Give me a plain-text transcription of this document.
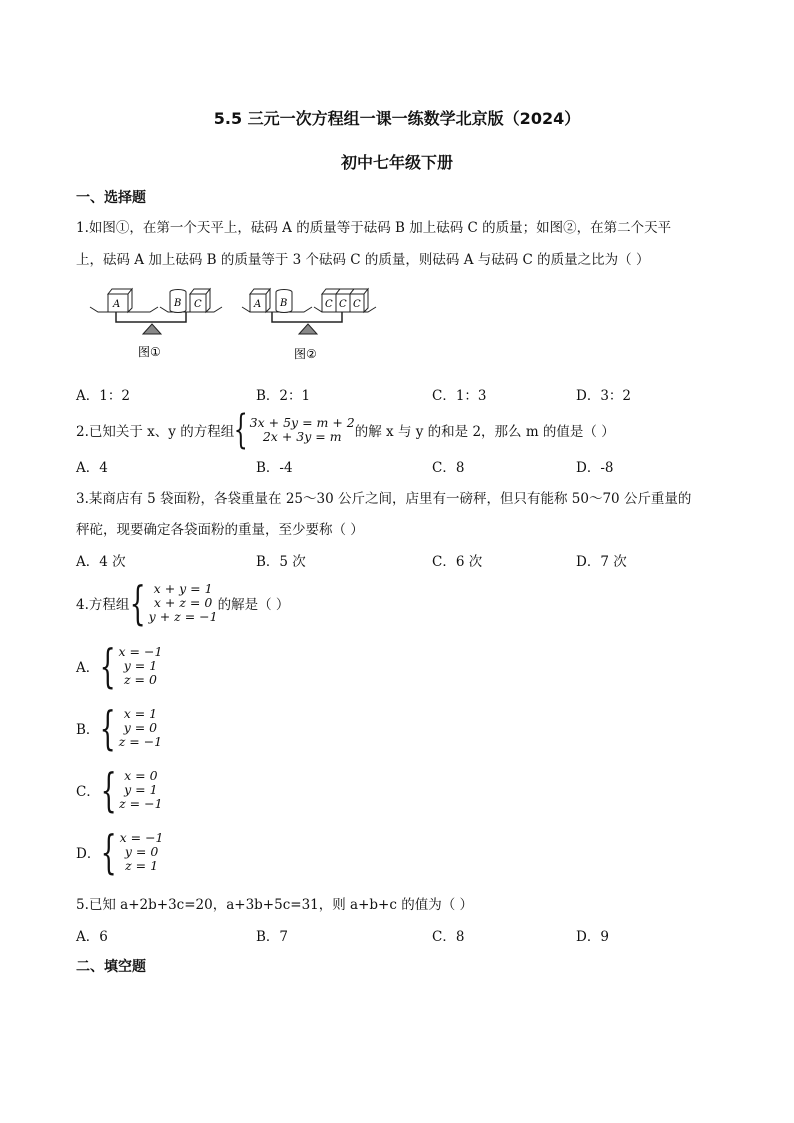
5.5 三元一次方程组一课一练数学北京版（2024）
初中七年级下册
一、选择题
1.如图①，在第一个天平上，砝码 A 的质量等于砝码 B 加上砝码 C 的质量；如图②，在第二个天平
上，砝码 A 加上砝码 B 的质量等于 3 个砝码 C 的质量，则砝码 A 与砝码 C 的质量之比为（ ）
A	B C
图①
A B	C C C
图②
A．1：2	B．2：1	C．1：3	D．3：2
2.已知关于 x、y 的方程组 { 3x + 5y = m + 2
2x + 3y = m 的解 x 与 y 的和是 2，那么 m 的值是（ ）
A．4	B．-4	C．8	D．-8
3.某商店有 5 袋面粉，各袋重量在 25～30 公斤之间，店里有一磅秤，但只有能称 50～70 公斤重量的
秤砣，现要确定各袋面粉的重量，至少要称（ ）
A．4 次	B．5 次	C．6 次	D．7 次
4.方程组 { x + y = 1
x + z = 0
y + z = −1
的解是（ ）
A． { x = −1
y = 1
z = 0
B． { x = 1
y = 0
z = −1
C． { x = 0
y = 1
z = −1
D． { x = −1
y = 0
z = 1
5.已知 a+2b+3c=20，a+3b+5c=31，则 a+b+c 的值为（ ）
A．6	B．7	C．8	D．9
二、填空题
